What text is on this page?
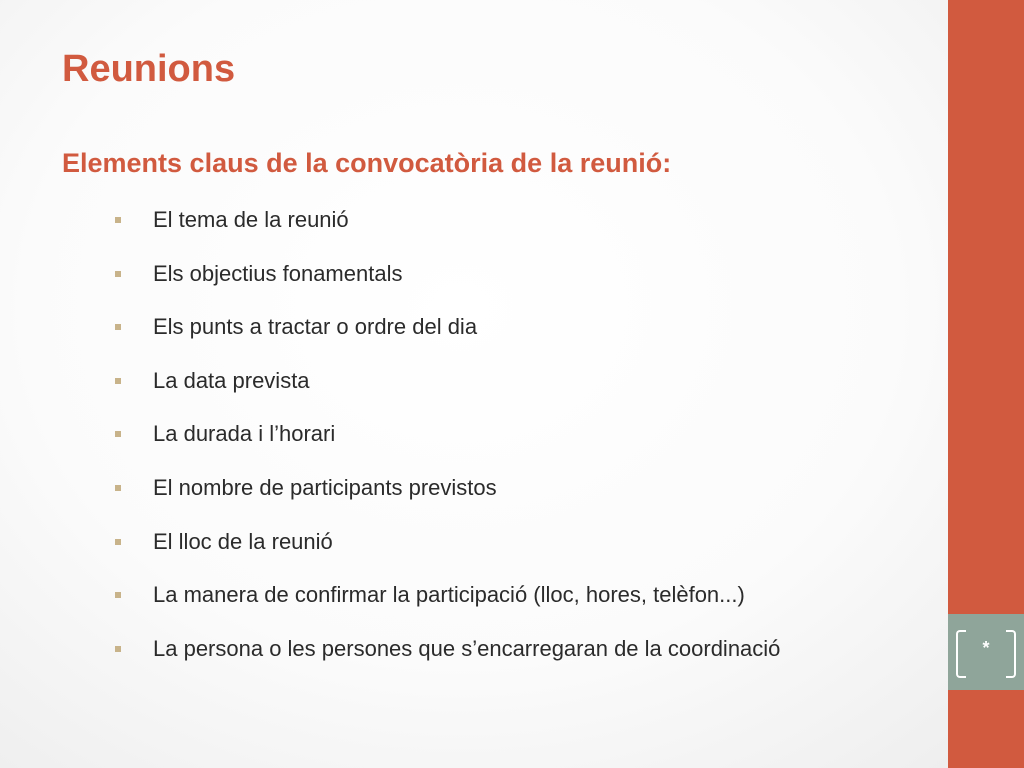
*
Reunions
Elements claus de la convocatòria de la reunió:
El tema de la reunió
Els objectius fonamentals
Els punts a tractar o ordre del dia
La data prevista
La durada i l’horari
El nombre de participants previstos
El lloc de la reunió
La manera de confirmar la participació (lloc, hores, telèfon...)
La persona o les persones que s’encarregaran de la coordinació
